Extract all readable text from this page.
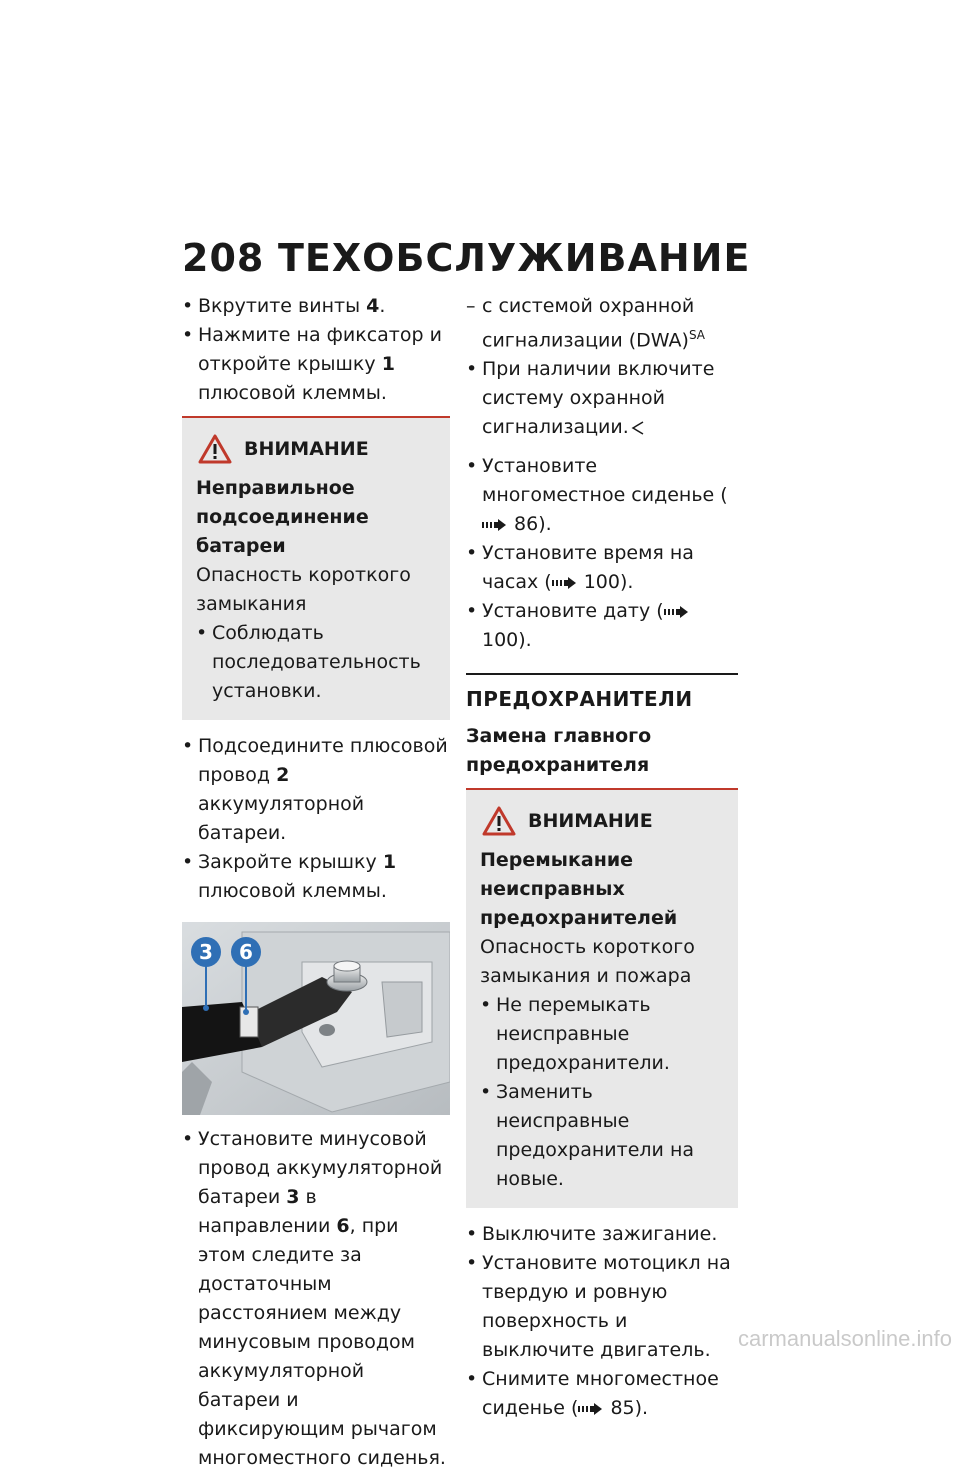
208 ТЕХОБСЛУЖИВАНИЕ
• Вкрутите винты 4.
• Нажмите на фиксатор и откройте крышку 1 плюсовой клеммы.
ВНИМАНИЕ
Неправильное подсоединение батареи
Опасность короткого замыкания
• Соблюдать последовательность установки.
• Подсоедините плюсовой провод 2 аккумуляторной батареи.
• Закройте крышку 1 плюсовой клеммы.
3 6
• Установите минусовой провод аккумуляторной батареи 3 в направлении 6, при этом следите за достаточным расстоянием между минусовым проводом аккумуляторной батареи и фиксирующим рычагом многоместного сиденья.
– с системой охранной сигнализации (DWA)$^{SA}$
• При наличии включите систему охранной сигнализации.
• Установите многоместное сиденье ( 86).
• Установите время на часах ( 100).
• Установите дату ( 100).
ПРЕДОХРАНИТЕЛИ
Замена главного предохранителя
ВНИМАНИЕ
Перемыкание неисправных предохранителей
Опасность короткого замыкания и пожара
• Не перемыкать неисправные предохранители.
• Заменить неисправные предохранители на новые.
• Выключите зажигание.
• Установите мотоцикл на твердую и ровную поверхность и выключите двигатель.
• Снимите многоместное сиденье ( 85).
carmanualsonline.info
